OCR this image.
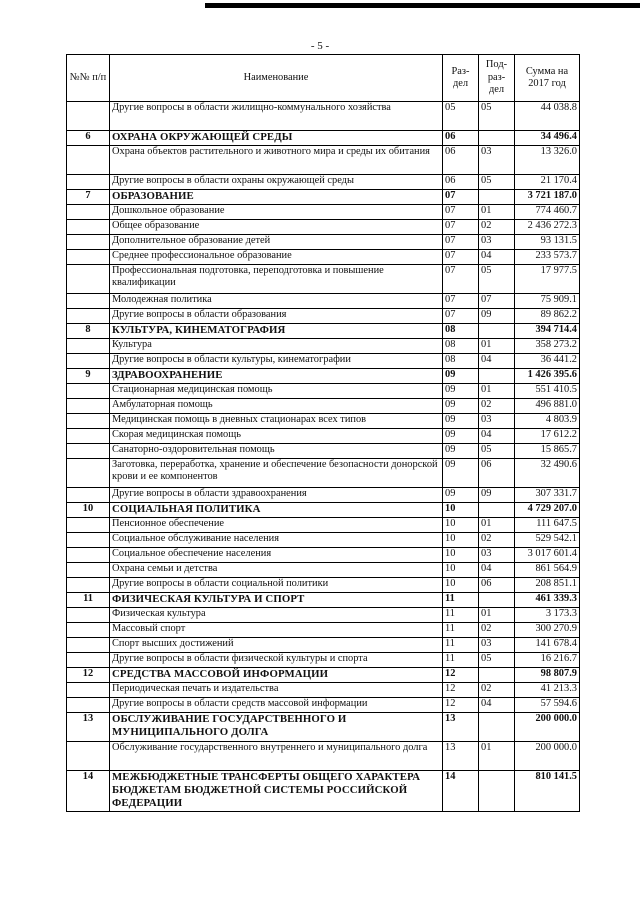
- 5 -
№№ п/п	Наименование	Раз- дел	Под- раз- дел	Сумма на 2017 год
	Другие вопросы в области жилищно-коммунального хозяйства	05	05	44 038.8
6	ОХРАНА ОКРУЖАЮЩЕЙ СРЕДЫ	06		34 496.4
	Охрана объектов растительного и животного мира и среды их обитания	06	03	13 326.0
	Другие вопросы в области охраны окружающей среды	06	05	21 170.4
7	ОБРАЗОВАНИЕ	07		3 721 187.0
	Дошкольное образование	07	01	774 460.7
	Общее образование	07	02	2 436 272.3
	Дополнительное образование детей	07	03	93 131.5
	Среднее профессиональное образование	07	04	233 573.7
	Профессиональная подготовка, переподготовка и повышение квалификации	07	05	17 977.5
	Молодежная политика	07	07	75 909.1
	Другие вопросы в области образования	07	09	89 862.2
8	КУЛЬТУРА, КИНЕМАТОГРАФИЯ	08		394 714.4
	Культура	08	01	358 273.2
	Другие вопросы в области культуры, кинематографии	08	04	36 441.2
9	ЗДРАВООХРАНЕНИЕ	09		1 426 395.6
	Стационарная медицинская помощь	09	01	551 410.5
	Амбулаторная помощь	09	02	496 881.0
	Медицинская помощь в дневных стационарах всех типов	09	03	4 803.9
	Скорая медицинская помощь	09	04	17 612.2
	Санаторно-оздоровительная помощь	09	05	15 865.7
	Заготовка, переработка, хранение и обеспечение безопасности донорской крови и ее компонентов	09	06	32 490.6
	Другие вопросы в области здравоохранения	09	09	307 331.7
10	СОЦИАЛЬНАЯ ПОЛИТИКА	10		4 729 207.0
	Пенсионное обеспечение	10	01	111 647.5
	Социальное обслуживание населения	10	02	529 542.1
	Социальное обеспечение населения	10	03	3 017 601.4
	Охрана семьи и детства	10	04	861 564.9
	Другие вопросы в области социальной политики	10	06	208 851.1
11	ФИЗИЧЕСКАЯ КУЛЬТУРА И СПОРТ	11		461 339.3
	Физическая культура	11	01	3 173.3
	Массовый спорт	11	02	300 270.9
	Спорт высших достижений	11	03	141 678.4
	Другие вопросы в области физической культуры и спорта	11	05	16 216.7
12	СРЕДСТВА МАССОВОЙ ИНФОРМАЦИИ	12		98 807.9
	Периодическая печать и издательства	12	02	41 213.3
	Другие вопросы в области средств массовой информации	12	04	57 594.6
13	ОБСЛУЖИВАНИЕ ГОСУДАРСТВЕННОГО И МУНИЦИПАЛЬНОГО ДОЛГА	13		200 000.0
	Обслуживание государственного внутреннего и муниципального долга	13	01	200 000.0
14	МЕЖБЮДЖЕТНЫЕ ТРАНСФЕРТЫ ОБЩЕГО ХАРАКТЕРА БЮДЖЕТАМ БЮДЖЕТНОЙ СИСТЕМЫ РОССИЙСКОЙ ФЕДЕРАЦИИ	14		810 141.5
